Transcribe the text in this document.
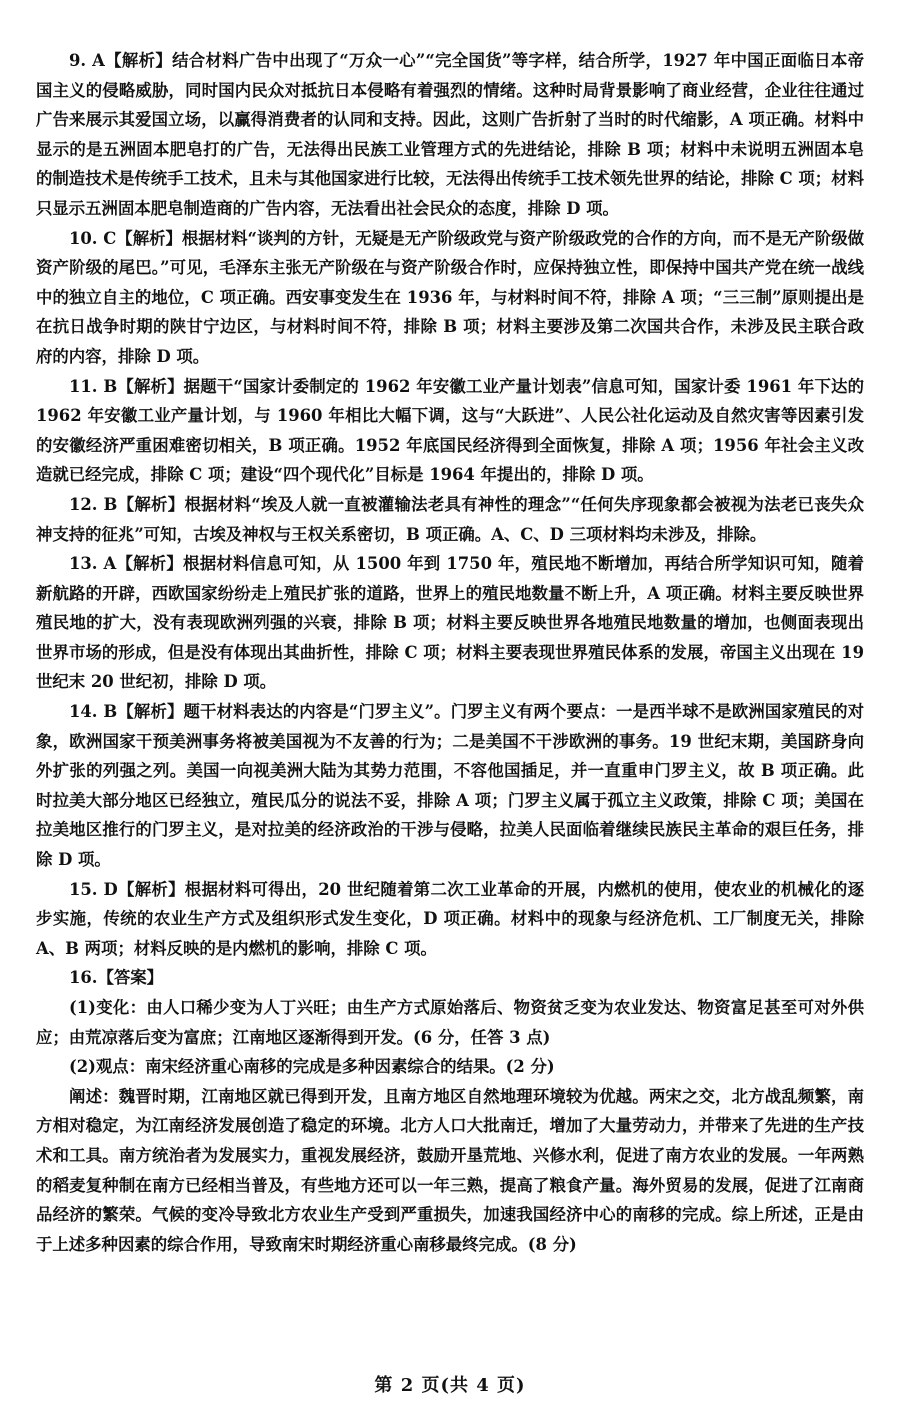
9. A【解析】结合材料广告中出现了“万众一心”“完全国货”等字样，结合所学，1927 年中国正面临日本帝国主义的侵略威胁，同时国内民众对抵抗日本侵略有着强烈的情绪。这种时局背景影响了商业经营，企业往往通过广告来展示其爱国立场，以赢得消费者的认同和支持。因此，这则广告折射了当时的时代缩影，A 项正确。材料中显示的是五洲固本肥皂打的广告，无法得出民族工业管理方式的先进结论，排除 B 项；材料中未说明五洲固本皂的制造技术是传统手工技术，且未与其他国家进行比较，无法得出传统手工技术领先世界的结论，排除 C 项；材料只显示五洲固本肥皂制造商的广告内容，无法看出社会民众的态度，排除 D 项。

10. C【解析】根据材料“谈判的方针，无疑是无产阶级政党与资产阶级政党的合作的方向，而不是无产阶级做资产阶级的尾巴。”可见，毛泽东主张无产阶级在与资产阶级合作时，应保持独立性，即保持中国共产党在统一战线中的独立自主的地位，C 项正确。西安事变发生在 1936 年，与材料时间不符，排除 A 项；“三三制”原则提出是在抗日战争时期的陕甘宁边区，与材料时间不符，排除 B 项；材料主要涉及第二次国共合作，未涉及民主联合政府的内容，排除 D 项。

11. B【解析】据题干“国家计委制定的 1962 年安徽工业产量计划表”信息可知，国家计委 1961 年下达的 1962 年安徽工业产量计划，与 1960 年相比大幅下调，这与“大跃进”、人民公社化运动及自然灾害等因素引发的安徽经济严重困难密切相关，B 项正确。1952 年底国民经济得到全面恢复，排除 A 项；1956 年社会主义改造就已经完成，排除 C 项；建设“四个现代化”目标是 1964 年提出的，排除 D 项。

12. B【解析】根据材料“埃及人就一直被灌输法老具有神性的理念”“任何失序现象都会被视为法老已丧失众神支持的征兆”可知，古埃及神权与王权关系密切，B 项正确。A、C、D 三项材料均未涉及，排除。

13. A【解析】根据材料信息可知，从 1500 年到 1750 年，殖民地不断增加，再结合所学知识可知，随着新航路的开辟，西欧国家纷纷走上殖民扩张的道路，世界上的殖民地数量不断上升，A 项正确。材料主要反映世界殖民地的扩大，没有表现欧洲列强的兴衰，排除 B 项；材料主要反映世界各地殖民地数量的增加，也侧面表现出世界市场的形成，但是没有体现出其曲折性，排除 C 项；材料主要表现世界殖民体系的发展，帝国主义出现在 19 世纪末 20 世纪初，排除 D 项。

14. B【解析】题干材料表达的内容是“门罗主义”。门罗主义有两个要点：一是西半球不是欧洲国家殖民的对象，欧洲国家干预美洲事务将被美国视为不友善的行为；二是美国不干涉欧洲的事务。19 世纪末期，美国跻身向外扩张的列强之列。美国一向视美洲大陆为其势力范围，不容他国插足，并一直重申门罗主义，故 B 项正确。此时拉美大部分地区已经独立，殖民瓜分的说法不妥，排除 A 项；门罗主义属于孤立主义政策，排除 C 项；美国在拉美地区推行的门罗主义，是对拉美的经济政治的干涉与侵略，拉美人民面临着继续民族民主革命的艰巨任务，排除 D 项。

15. D【解析】根据材料可得出，20 世纪随着第二次工业革命的开展，内燃机的使用，使农业的机械化的逐步实施，传统的农业生产方式及组织形式发生变化，D 项正确。材料中的现象与经济危机、工厂制度无关，排除 A、B 两项；材料反映的是内燃机的影响，排除 C 项。

16.【答案】

(1)变化：由人口稀少变为人丁兴旺；由生产方式原始落后、物资贫乏变为农业发达、物资富足甚至可对外供应；由荒凉落后变为富庶；江南地区逐渐得到开发。(6 分，任答 3 点)

(2)观点：南宋经济重心南移的完成是多种因素综合的结果。(2 分)

阐述：魏晋时期，江南地区就已得到开发，且南方地区自然地理环境较为优越。两宋之交，北方战乱频繁，南方相对稳定，为江南经济发展创造了稳定的环境。北方人口大批南迁，增加了大量劳动力，并带来了先进的生产技术和工具。南方统治者为发展实力，重视发展经济，鼓励开垦荒地、兴修水利，促进了南方农业的发展。一年两熟的稻麦复种制在南方已经相当普及，有些地方还可以一年三熟，提高了粮食产量。海外贸易的发展，促进了江南商品经济的繁荣。气候的变冷导致北方农业生产受到严重损失，加速我国经济中心的南移的完成。综上所述，正是由于上述多种因素的综合作用，导致南宋时期经济重心南移最终完成。(8 分)

第 2 页(共 4 页)
